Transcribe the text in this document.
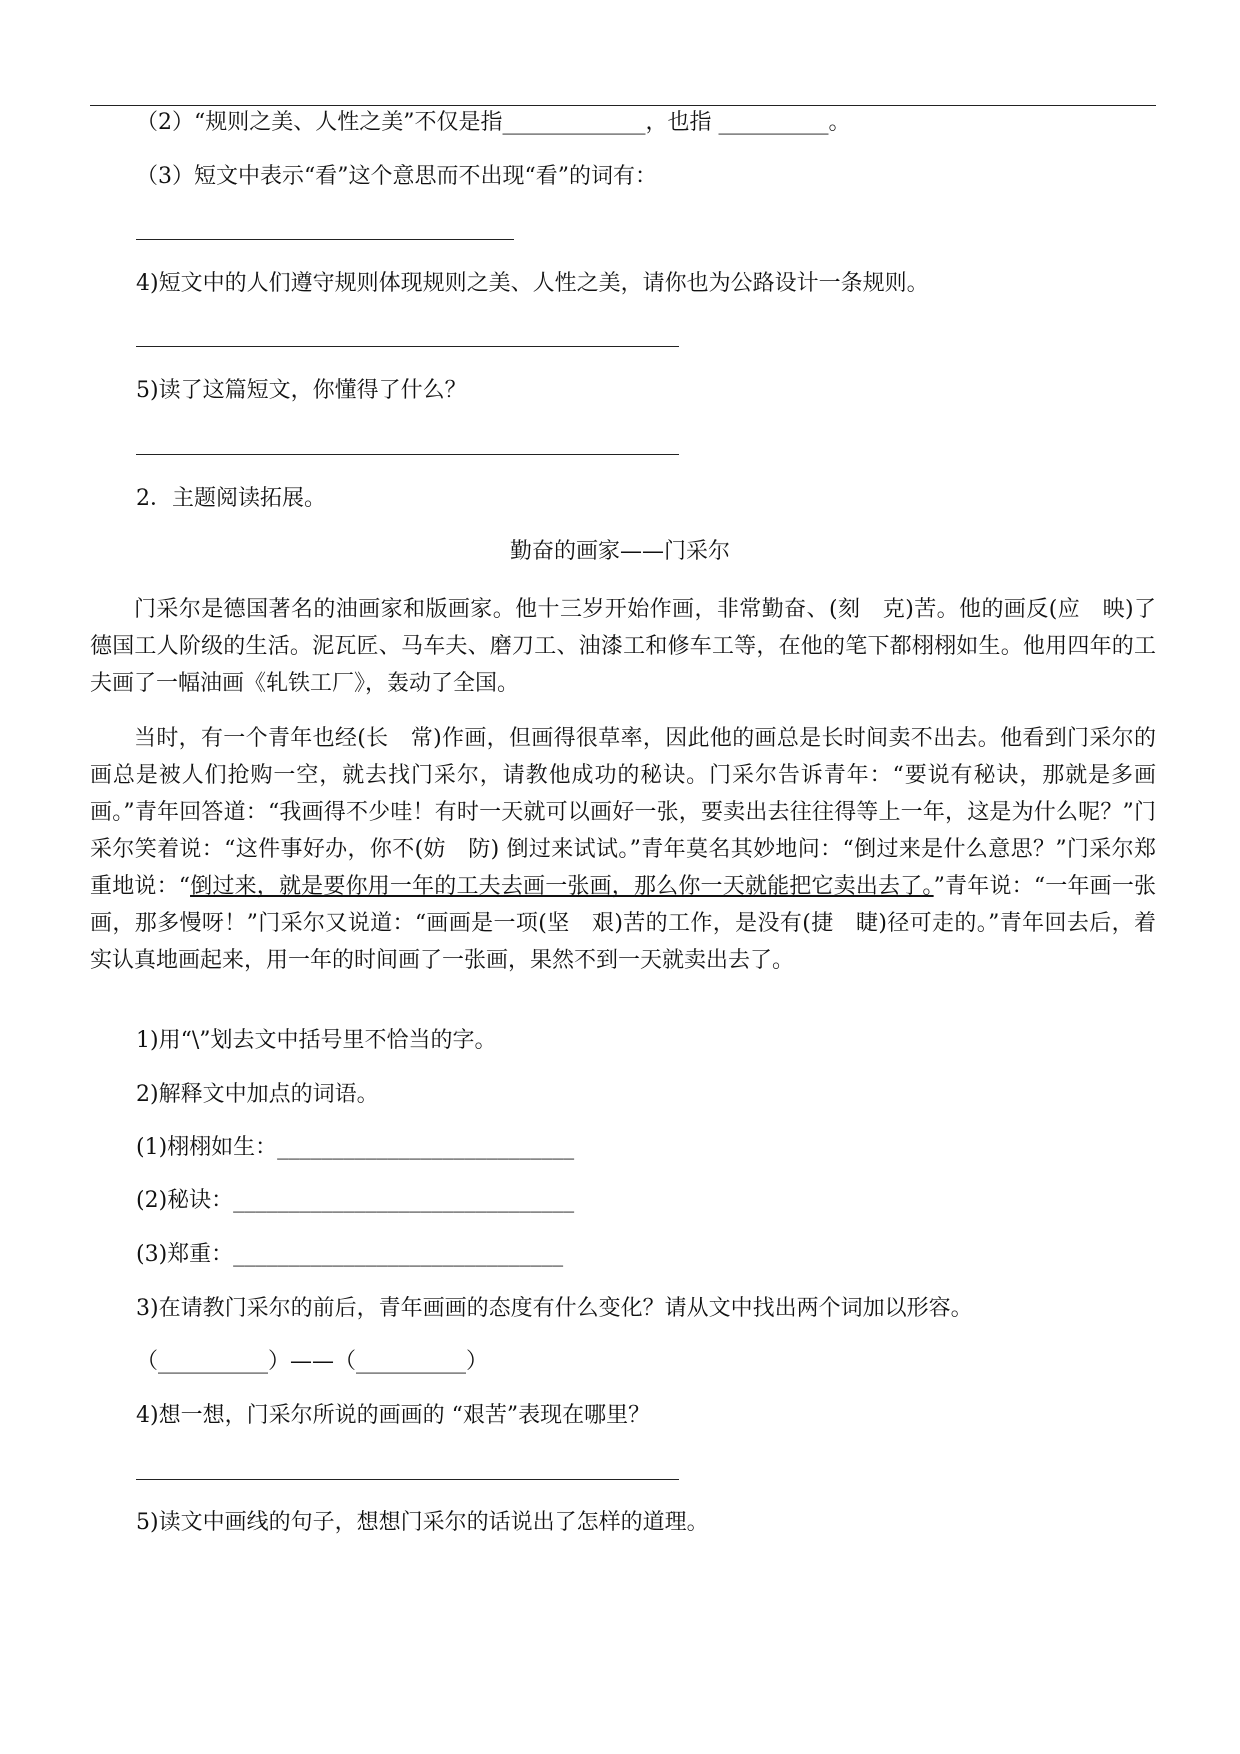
（2）“规则之美、人性之美”不仅是指_____________，也指 __________。
（3）短文中表示“看”这个意思而不出现“看”的词有：
4)短文中的人们遵守规则体现规则之美、人性之美，请你也为公路设计一条规则。
5)读了这篇短文，你懂得了什么？
2．主题阅读拓展。
勤奋的画家——门采尔

门采尔是德国著名的油画家和版画家。他十三岁开始作画，非常勤奋、(刻　克)苦。他的画反(应　映)了德国工人阶级的生活。泥瓦匠、马车夫、磨刀工、油漆工和修车工等，在他的笔下都栩栩如生。他用四年的工夫画了一幅油画《轧铁工厂》，轰动了全国。

当时，有一个青年也经(长　常)作画，但画得很草率，因此他的画总是长时间卖不出去。他看到门采尔的画总是被人们抢购一空，就去找门采尔，请教他成功的秘诀。门采尔告诉青年：“要说有秘诀，那就是多画画。”青年回答道：“我画得不少哇！有时一天就可以画好一张，要卖出去往往得等上一年，这是为什么呢？”门采尔笑着说：“这件事好办，你不(妨　防) 倒过来试试。”青年莫名其妙地问：“倒过来是什么意思？”门采尔郑重地说：“倒过来，就是要你用一年的工夫去画一张画，那么你一天就能把它卖出去了。”青年说：“一年画一张画，那多慢呀！”门采尔又说道：“画画是一项(坚　艰)苦的工作，是没有(捷　睫)径可走的。”青年回去后，着实认真地画起来，用一年的时间画了一张画，果然不到一天就卖出去了。

1)用“\”划去文中括号里不恰当的字。
2)解释文中加点的词语。
(1)栩栩如生：___________________________
(2)秘诀：_______________________________
(3)郑重：______________________________
3)在请教门采尔的前后，青年画画的态度有什么变化？请从文中找出两个词加以形容。
（__________）——（__________）
4)想一想，门采尔所说的画画的 “艰苦”表现在哪里？
5)读文中画线的句子，想想门采尔的话说出了怎样的道理。
